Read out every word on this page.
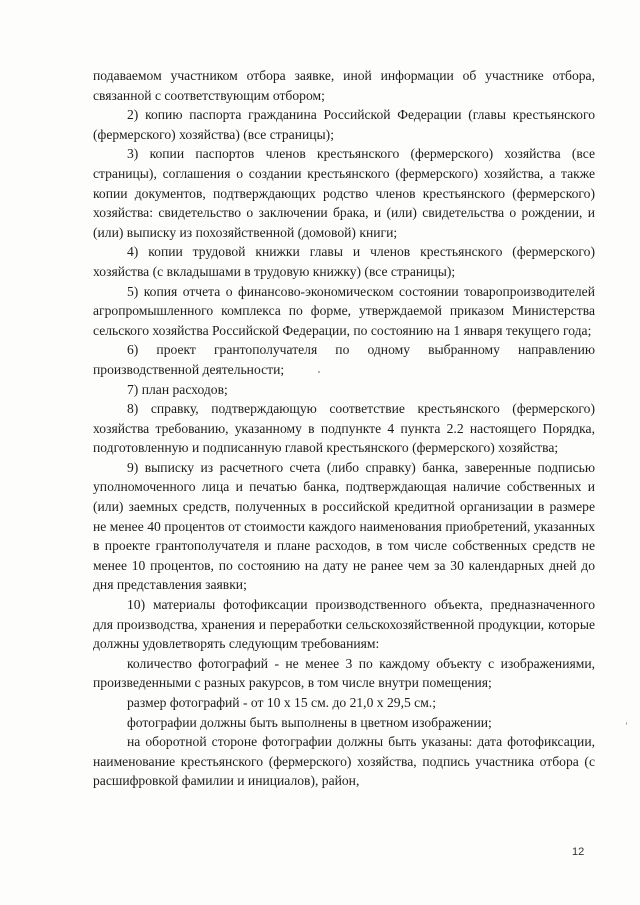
подаваемом участником отбора заявке, иной информации об участнике отбора, связанной с соответствующим отбором;

2) копию паспорта гражданина Российской Федерации (главы крестьянского (фермерского) хозяйства) (все страницы);

3) копии паспортов членов крестьянского (фермерского) хозяйства (все страницы), соглашения о создании крестьянского (фермерского) хозяйства, а также копии документов, подтверждающих родство членов крестьянского (фермерского) хозяйства: свидетельство о заключении брака, и (или) свидетельства о рождении, и (или) выписку из похозяйственной (домовой) книги;

4) копии трудовой книжки главы и членов крестьянского (фермерского) хозяйства (с вкладышами в трудовую книжку) (все страницы);

5) копия отчета о финансово-экономическом состоянии товаропроизводителей агропромышленного комплекса по форме, утверждаемой приказом Министерства сельского хозяйства Российской Федерации, по состоянию на 1 января текущего года;

6) проект грантополучателя по одному выбранному направлению производственной деятельности;

7) план расходов;

8) справку, подтверждающую соответствие крестьянского (фермерского) хозяйства требованию, указанному в подпункте 4 пункта 2.2 настоящего Порядка, подготовленную и подписанную главой крестьянского (фермерского) хозяйства;

9) выписку из расчетного счета (либо справку) банка, заверенные подписью уполномоченного лица и печатью банка, подтверждающая наличие собственных и (или) заемных средств, полученных в российской кредитной организации в размере не менее 40 процентов от стоимости каждого наименования приобретений, указанных в проекте грантополучателя и плане расходов, в том числе собственных средств не менее 10 процентов, по состоянию на дату не ранее чем за 30 календарных дней до дня представления заявки;

10) материалы фотофиксации производственного объекта, предназначенного для производства, хранения и переработки сельскохозяйственной продукции, которые должны удовлетворять следующим требованиям:

количество фотографий - не менее 3 по каждому объекту с изображениями, произведенными с разных ракурсов, в том числе внутри помещения;

размер фотографий - от 10 х 15 см. до 21,0 х 29,5 см.;

фотографии должны быть выполнены в цветном изображении;

на оборотной стороне фотографии должны быть указаны: дата фотофиксации, наименование крестьянского (фермерского) хозяйства, подпись участника отбора (с расшифровкой фамилии и инициалов), район,

12
